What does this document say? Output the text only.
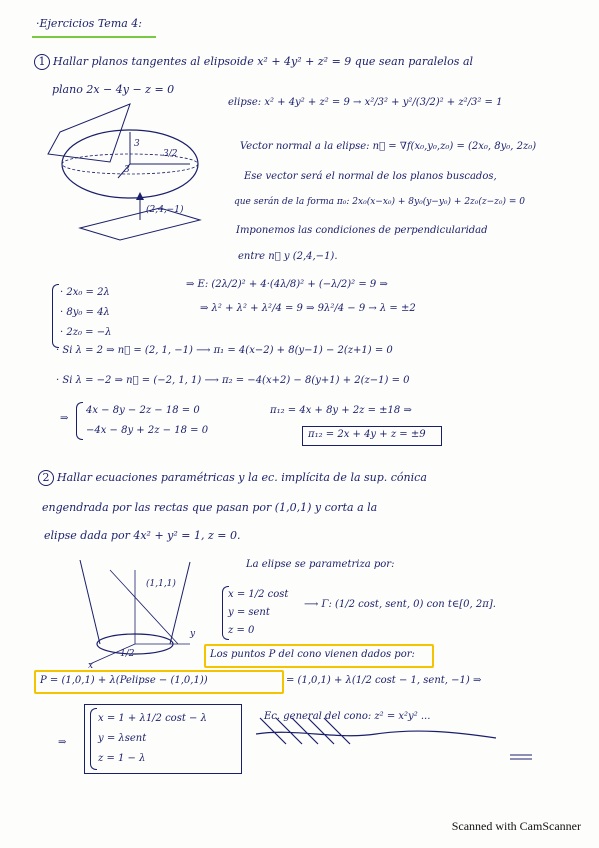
·Ejercicios Tema 4:
1 Hallar planos tangentes al elipsoide x² + 4y² + z² = 9 que sean paralelos al
plano 2x − 4y − z = 0
3
3/2
3
(2,4,−1)
elipse: x² + 4y² + z² = 9 → x²/3² + y²/(3/2)² + z²/3² = 1
Vector normal a la elipse: n⃗ = ∇f(x₀,y₀,z₀) = (2x₀, 8y₀, 2z₀)
Ese vector será el normal de los planos buscados,
que serán de la forma π₀: 2x₀(x−x₀) + 8y₀(y−y₀) + 2z₀(z−z₀) = 0
Imponemos las condiciones de perpendicularidad
entre n⃗ y (2,4,−1).
· 2x₀ = 2λ
· 8y₀ = 4λ
· 2z₀ = −λ
⇒ E: (2λ/2)² + 4·(4λ/8)² + (−λ/2)² = 9 ⇒
⇒ λ² + λ² + λ²/4 = 9 ⇒ 9λ²/4 − 9 → λ = ±2
· Si λ = 2 ⇒ n⃗ = (2, 1, −1) ⟶ π₁ = 4(x−2) + 8(y−1) − 2(z+1) = 0
· Si λ = −2 ⇒ n⃗ = (−2, 1, 1) ⟶ π₂ = −4(x+2) − 8(y+1) + 2(z−1) = 0
⇒
4x − 8y − 2z − 18 = 0
−4x − 8y + 2z − 18 = 0
π₁₂ = 4x + 8y + 2z = ±18 ⇒
π₁₂ = 2x + 4y + z = ±9
2 Hallar ecuaciones paramétricas y la ec. implícita de la sup. cónica
engendrada por las rectas que pasan por (1,0,1) y corta a la
elipse dada por 4x² + y² = 1, z = 0.
(1,1,1)
y
x
1/2
La elipse se parametriza por:
x = 1/2 cost
y = sent
z = 0
⟶ Γ: (1/2 cost, sent, 0) con t∈[0, 2π].
Los puntos P del cono vienen dados por:
P = (1,0,1) + λ(Pelipse − (1,0,1))	= (1,0,1) + λ(1/2 cost − 1, sent, −1) ⇒
⇒
x = 1 + λ1/2 cost − λ
y = λsent
z = 1 − λ
Ec. general del cono: z² = x²y² ...
Scanned with CamScanner
